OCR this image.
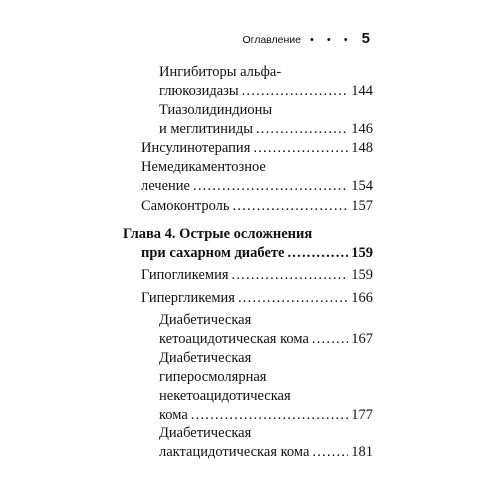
Оглавление • • • 5
Ингибиторы альфа-
глюкозидазы .....	144
Тиазолидиндионы
и меглитиниды .....	146
Инсулинотерапия .....	148
Немедикаментозное
лечение .....	154
Самоконтроль .....	157
Глава 4. Острые осложнения
при сахарном диабете .....	159
Гипогликемия .....	159
Гипергликемия .....	166
Диабетическая
кетоацидотическая кома .....	167
Диабетическая
гиперосмолярная
некетоацидотическая
кома .....	177
Диабетическая
лактацидотическая кома .....	181
